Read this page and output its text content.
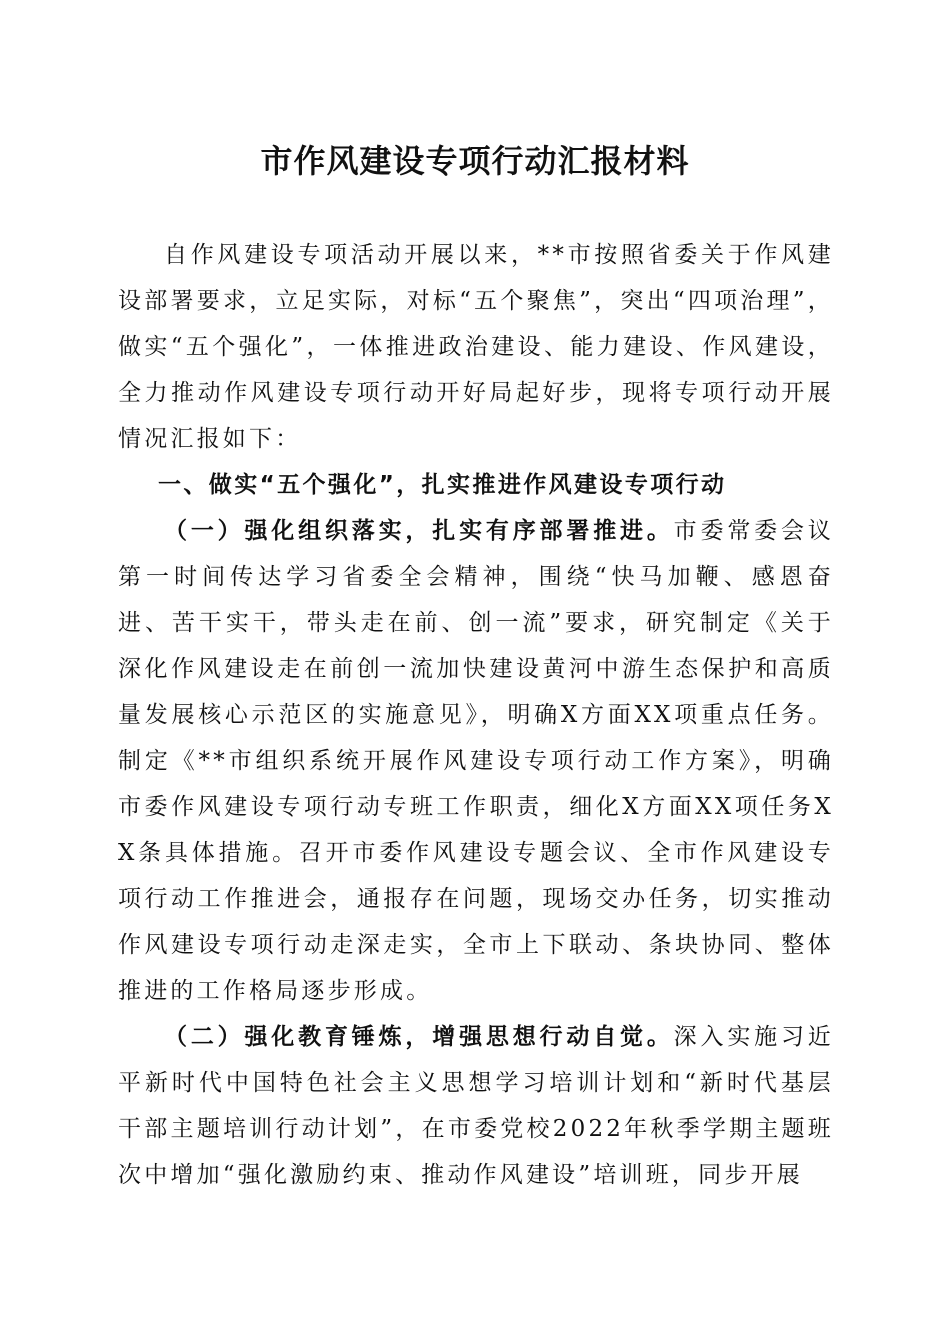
市作风建设专项行动汇报材料

自作风建设专项活动开展以来，**市按照省委关于作风建设部署要求，立足实际，对标“五个聚焦”，突出“四项治理”，做实“五个强化”，一体推进政治建设、能力建设、作风建设，全力推动作风建设专项行动开好局起好步，现将专项行动开展情况汇报如下：

一、做实“五个强化”，扎实推进作风建设专项行动

（一）强化组织落实，扎实有序部署推进。市委常委会议第一时间传达学习省委全会精神，围绕“快马加鞭、感恩奋进、苦干实干，带头走在前、创一流”要求，研究制定《关于深化作风建设走在前创一流加快建设黄河中游生态保护和高质量发展核心示范区的实施意见》，明确X方面XX项重点任务。制定《**市组织系统开展作风建设专项行动工作方案》，明确市委作风建设专项行动专班工作职责，细化X方面XX项任务XX条具体措施。召开市委作风建设专题会议、全市作风建设专项行动工作推进会，通报存在问题，现场交办任务，切实推动作风建设专项行动走深走实，全市上下联动、条块协同、整体推进的工作格局逐步形成。

（二）强化教育锤炼，增强思想行动自觉。深入实施习近平新时代中国特色社会主义思想学习培训计划和“新时代基层干部主题培训行动计划”，在市委党校2022年秋季学期主题班次中增加“强化激励约束、推动作风建设”培训班，同步开展
